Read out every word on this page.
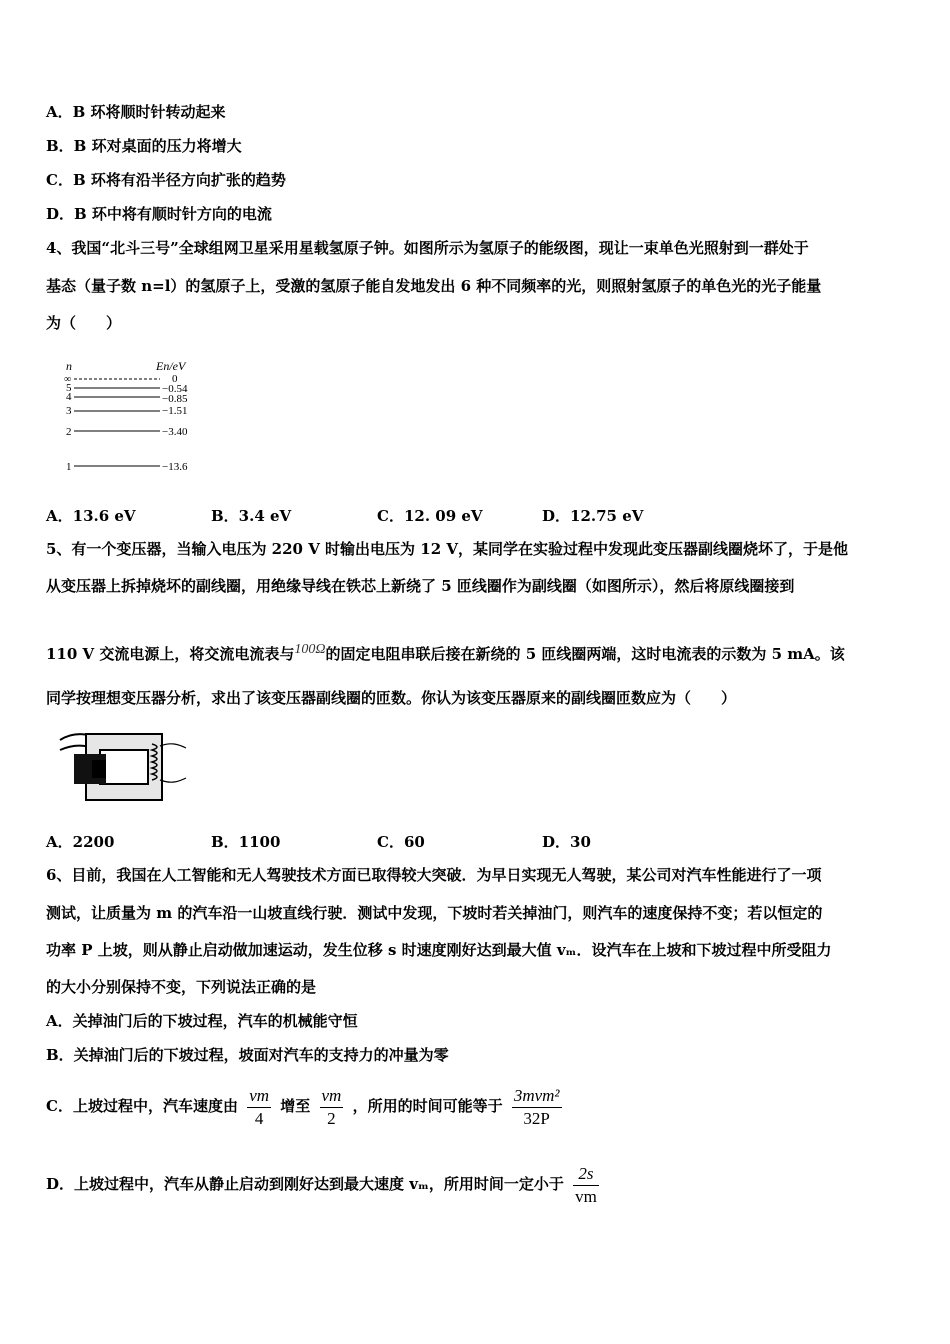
A．B 环将顺时针转动起来
B．B 环对桌面的压力将增大
C．B 环将有沿半径方向扩张的趋势
D．B 环中将有顺时针方向的电流
4、我国“北斗三号”全球组网卫星采用星载氢原子钟。如图所示为氢原子的能级图，现让一束单色光照射到一群处于
基态（量子数 n=l）的氢原子上，受激的氢原子能自发地发出 6 种不同频率的光，则照射氢原子的单色光的光子能量
为（　　）
n	En/eV
∞	0
5	−0.54
4	−0.85
3	−1.51
2	−3.40
1	−13.6
A．13.6 eV	B．3.4 eV	C．12. 09 eV	D．12.75 eV
5、有一个变压器，当输入电压为 220 V 时输出电压为 12 V，某同学在实验过程中发现此变压器副线圈烧坏了，于是他
从变压器上拆掉烧坏的副线圈，用绝缘导线在铁芯上新绕了 5 匝线圈作为副线圈（如图所示），然后将原线圈接到
110 V 交流电源上，将交流电流表与100Ω的固定电阻串联后接在新绕的 5 匝线圈两端，这时电流表的示数为 5 mA。该
同学按理想变压器分析，求出了该变压器副线圈的匝数。你认为该变压器原来的副线圈匝数应为（　　）
A．2200	B．1100	C．60	D．30
6、目前，我国在人工智能和无人驾驶技术方面已取得较大突破．为早日实现无人驾驶，某公司对汽车性能进行了一项
测试，让质量为 m 的汽车沿一山坡直线行驶．测试中发现，下坡时若关掉油门，则汽车的速度保持不变；若以恒定的
功率 P 上坡，则从静止启动做加速运动，发生位移 s 时速度刚好达到最大值 vₘ．设汽车在上坡和下坡过程中所受阻力
的大小分别保持不变，下列说法正确的是
A．关掉油门后的下坡过程，汽车的机械能守恒
B．关掉油门后的下坡过程，坡面对汽车的支持力的冲量为零
C．上坡过程中，汽车速度由 $\frac{vm}{4}$ 增至 $\frac{vm}{2}$ ，所用的时间可能等于 $\frac{\text{3mvm²}}{32P}$
D．上坡过程中，汽车从静止启动到刚好达到最大速度 vₘ，所用时间一定小于 $\frac{2s}{vm}$
